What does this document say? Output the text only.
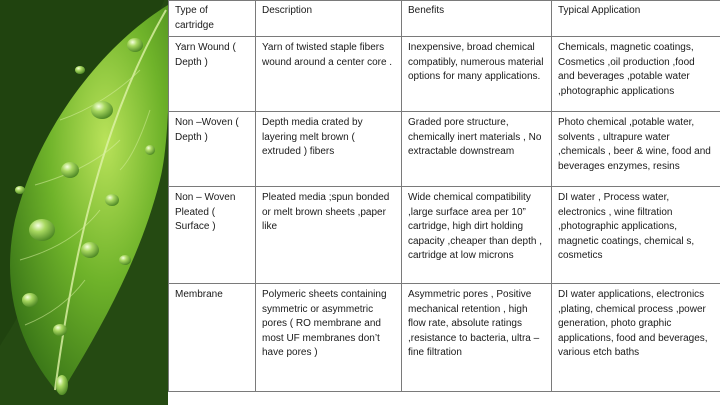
Type of cartridge	Description	Benefits	Typical Application
Yarn Wound ( Depth )	Yarn of twisted staple fibers wound around a center core .	Inexpensive, broad chemical compatibly, numerous material options for many applications.	Chemicals, magnetic coatings, Cosmetics ,oil production ,food and beverages ,potable water ,photographic applications
Non –Woven ( Depth )	Depth media crated by layering melt brown ( extruded ) fibers	Graded pore structure, chemically inert materials , No extractable downstream	Photo chemical ,potable water, solvents , ultrapure water ,chemicals , beer & wine, food and beverages enzymes, resins
Non – Woven Pleated ( Surface )	Pleated media ;spun bonded or melt brown sheets ,paper like	Wide chemical compatibility ,large surface area per 10” cartridge, high dirt holding capacity ,cheaper than depth , cartridge at low microns	DI water , Process water, electronics , wine filtration ,photographic applications, magnetic coatings, chemical s, cosmetics
Membrane	Polymeric sheets containing symmetric or asymmetric pores ( RO membrane and most UF membranes don’t have pores )	Asymmetric pores , Positive mechanical retention , high flow rate, absolute ratings ,resistance to bacteria, ultra –fine filtration	DI water applications, electronics ,plating, chemical process ,power generation, photo graphic applications, food and beverages, various etch baths
